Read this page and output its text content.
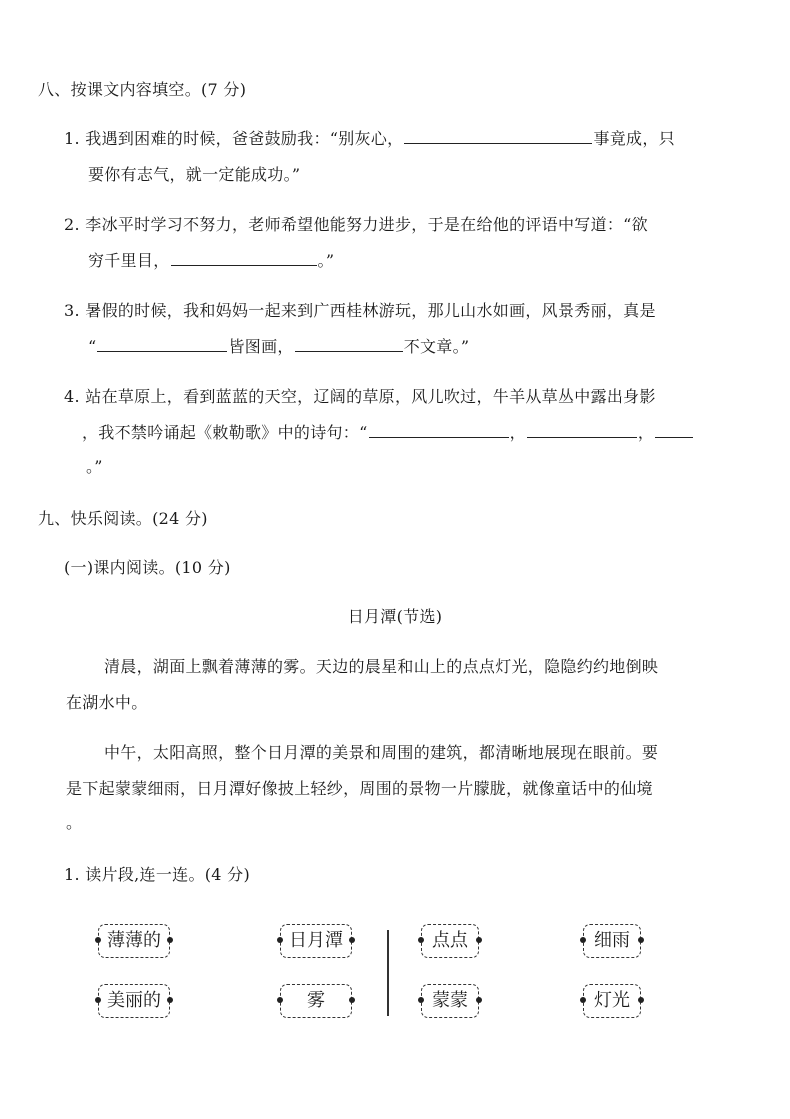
八、按课文内容填空。(7 分)
1. 我遇到困难的时候，爸爸鼓励我：“别灰心，	事竟成，只
要你有志气，就一定能成功。”
2. 李冰平时学习不努力，老师希望他能努力进步，于是在给他的评语中写道：“欲
穷千里目，	。”
3. 暑假的时候，我和妈妈一起来到广西桂林游玩，那儿山水如画，风景秀丽，真是
“	皆图画，	不文章。”
4. 站在草原上，看到蓝蓝的天空，辽阔的草原，风儿吹过，牛羊从草丛中露出身影
，我不禁吟诵起《敕勒歌》中的诗句：“	，	，
。”
九、快乐阅读。(24 分)
(一)课内阅读。(10 分)
日月潭(节选)
清晨，湖面上飘着薄薄的雾。天边的晨星和山上的点点灯光，隐隐约约地倒映
在湖水中。
中午，太阳高照，整个日月潭的美景和周围的建筑，都清晰地展现在眼前。要
是下起蒙蒙细雨，日月潭好像披上轻纱，周围的景物一片朦胧，就像童话中的仙境
。
1. 读片段,连一连。(4 分)
薄薄的
美丽的
日月潭
雾
点点
蒙蒙
细雨
灯光
